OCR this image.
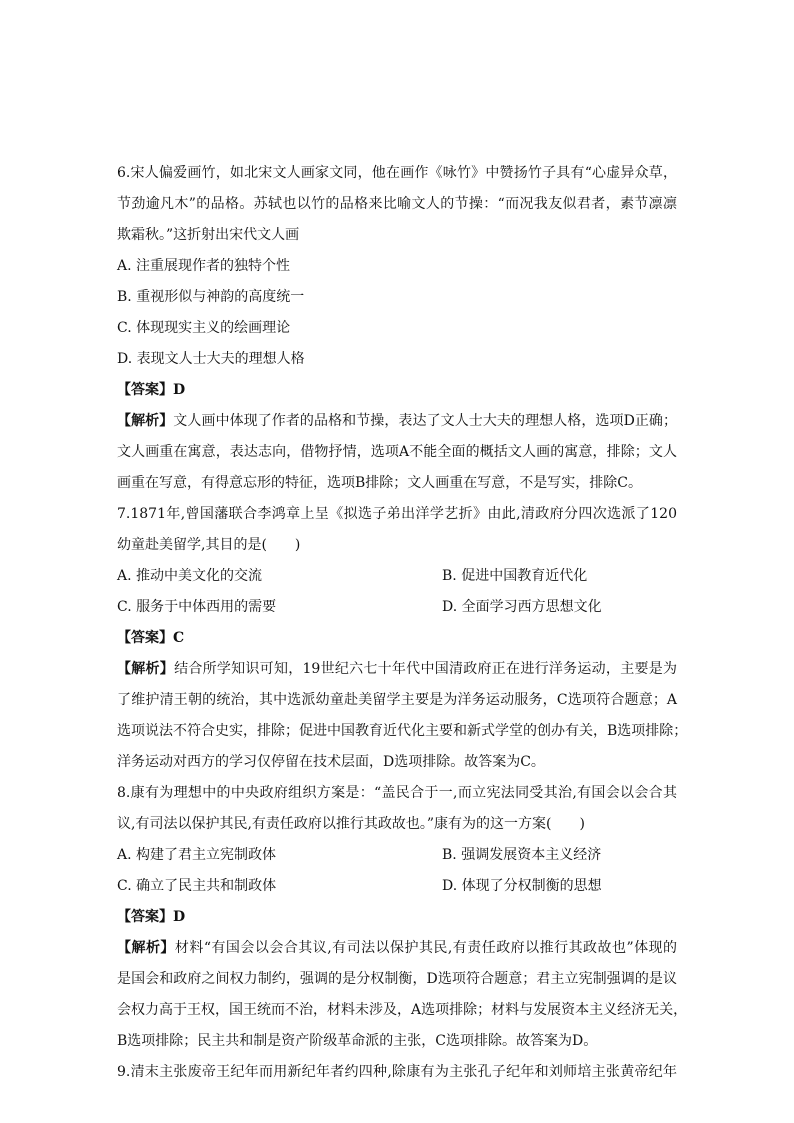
6.宋人偏爱画竹，如北宋文人画家文同，他在画作《咏竹》中赞扬竹子具有“心虚异众草，
节劲逾凡木”的品格。苏轼也以竹的品格来比喻文人的节操：“而况我友似君者，素节凛凛
欺霜秋。”这折射出宋代文人画
A. 注重展现作者的独特个性
B. 重视形似与神韵的高度统一
C. 体现现实主义的绘画理论
D. 表现文人士大夫的理想人格
【答案】D
【解析】文人画中体现了作者的品格和节操，表达了文人士大夫的理想人格，选项D正确；
文人画重在寓意，表达志向，借物抒情，选项A不能全面的概括文人画的寓意，排除；文人
画重在写意，有得意忘形的特征，选项B排除；文人画重在写意，不是写实，排除C。
7.1871年,曾国藩联合李鸿章上呈《拟选子弟出洋学艺折》由此,清政府分四次选派了120
幼童赴美留学,其目的是(　　)
A. 推动中美文化的交流	B. 促进中国教育近代化
C. 服务于中体西用的需要	D. 全面学习西方思想文化
【答案】C
【解析】结合所学知识可知，19世纪六七十年代中国清政府正在进行洋务运动，主要是为
了维护清王朝的统治，其中选派幼童赴美留学主要是为洋务运动服务，C选项符合题意；A
选项说法不符合史实，排除；促进中国教育近代化主要和新式学堂的创办有关，B选项排除；
洋务运动对西方的学习仅停留在技术层面，D选项排除。故答案为C。
8.康有为理想中的中央政府组织方案是：“盖民合于一,而立宪法同受其治,有国会以会合其
议,有司法以保护其民,有责任政府以推行其政故也。”康有为的这一方案(　　)
A. 构建了君主立宪制政体	B. 强调发展资本主义经济
C. 确立了民主共和制政体	D. 体现了分权制衡的思想
【答案】D
【解析】材料“有国会以会合其议,有司法以保护其民,有责任政府以推行其政故也”体现的
是国会和政府之间权力制约，强调的是分权制衡，D选项符合题意；君主立宪制强调的是议
会权力高于王权，国王统而不治，材料未涉及，A选项排除；材料与发展资本主义经济无关，
B选项排除；民主共和制是资产阶级革命派的主张，C选项排除。故答案为D。
9.清末主张废帝王纪年而用新纪年者约四种,除康有为主张孔子纪年和刘师培主张黄帝纪年
